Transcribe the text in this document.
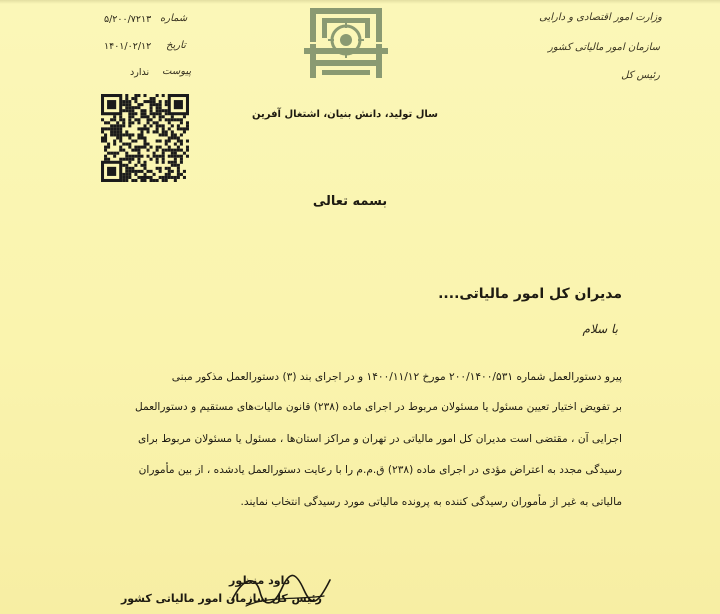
شماره
۵/۲۰۰/۷۲۱۳
تاریخ
۱۴۰۱/۰۲/۱۲
پیوست
ندارد
وزارت امور اقتصادی و دارایی
سازمان امور مالیاتی کشور
رئیس کل
سال تولید، دانش بنیان، اشتغال آفرین
بسمه تعالی
مدیران کل امور مالیاتی....
با سلام
پیرو دستورالعمل شماره ۲۰۰/۱۴۰۰/۵۳۱ مورخ ۱۴۰۰/۱۱/۱۲ و در اجرای بند (۳) دستورالعمل مذکور مبنی
بر تفویض اختیار تعیین مسئول یا مسئولان مربوط در اجرای ماده (۲۳۸) قانون مالیات‌های مستقیم و دستورالعمل
اجرایی آن ، مقتضی است مدیران کل امور مالیاتی در تهران و مراکز استان‌ها ، مسئول یا مسئولان مربوط برای
رسیدگی مجدد به اعتراض مؤدی در اجرای ماده (۲۳۸) ق.م.م را با رعایت دستورالعمل یادشده ، از بین مأموران
مالیاتی به غیر از مأموران رسیدگی کننده به پرونده مالیاتی مورد رسیدگی انتخاب نمایند.
داود منظور
رئیس کل سازمان امور مالیاتی کشور
